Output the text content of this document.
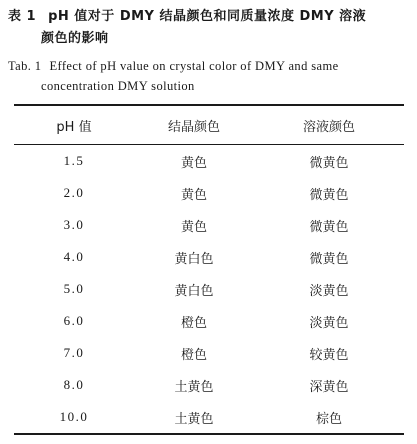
表 1 pH 值对于 DMY 结晶颜色和同质量浓度 DMY 溶液
颜色的影响
Tab. 1 Effect of pH value on crystal color of DMY and same
concentration DMY solution
pH 值	结晶颜色	溶液颜色
1.5	黄色	微黄色
2.0	黄色	微黄色
3.0	黄色	微黄色
4.0	黄白色	微黄色
5.0	黄白色	淡黄色
6.0	橙色	淡黄色
7.0	橙色	较黄色
8.0	土黄色	深黄色
10.0	土黄色	棕色
